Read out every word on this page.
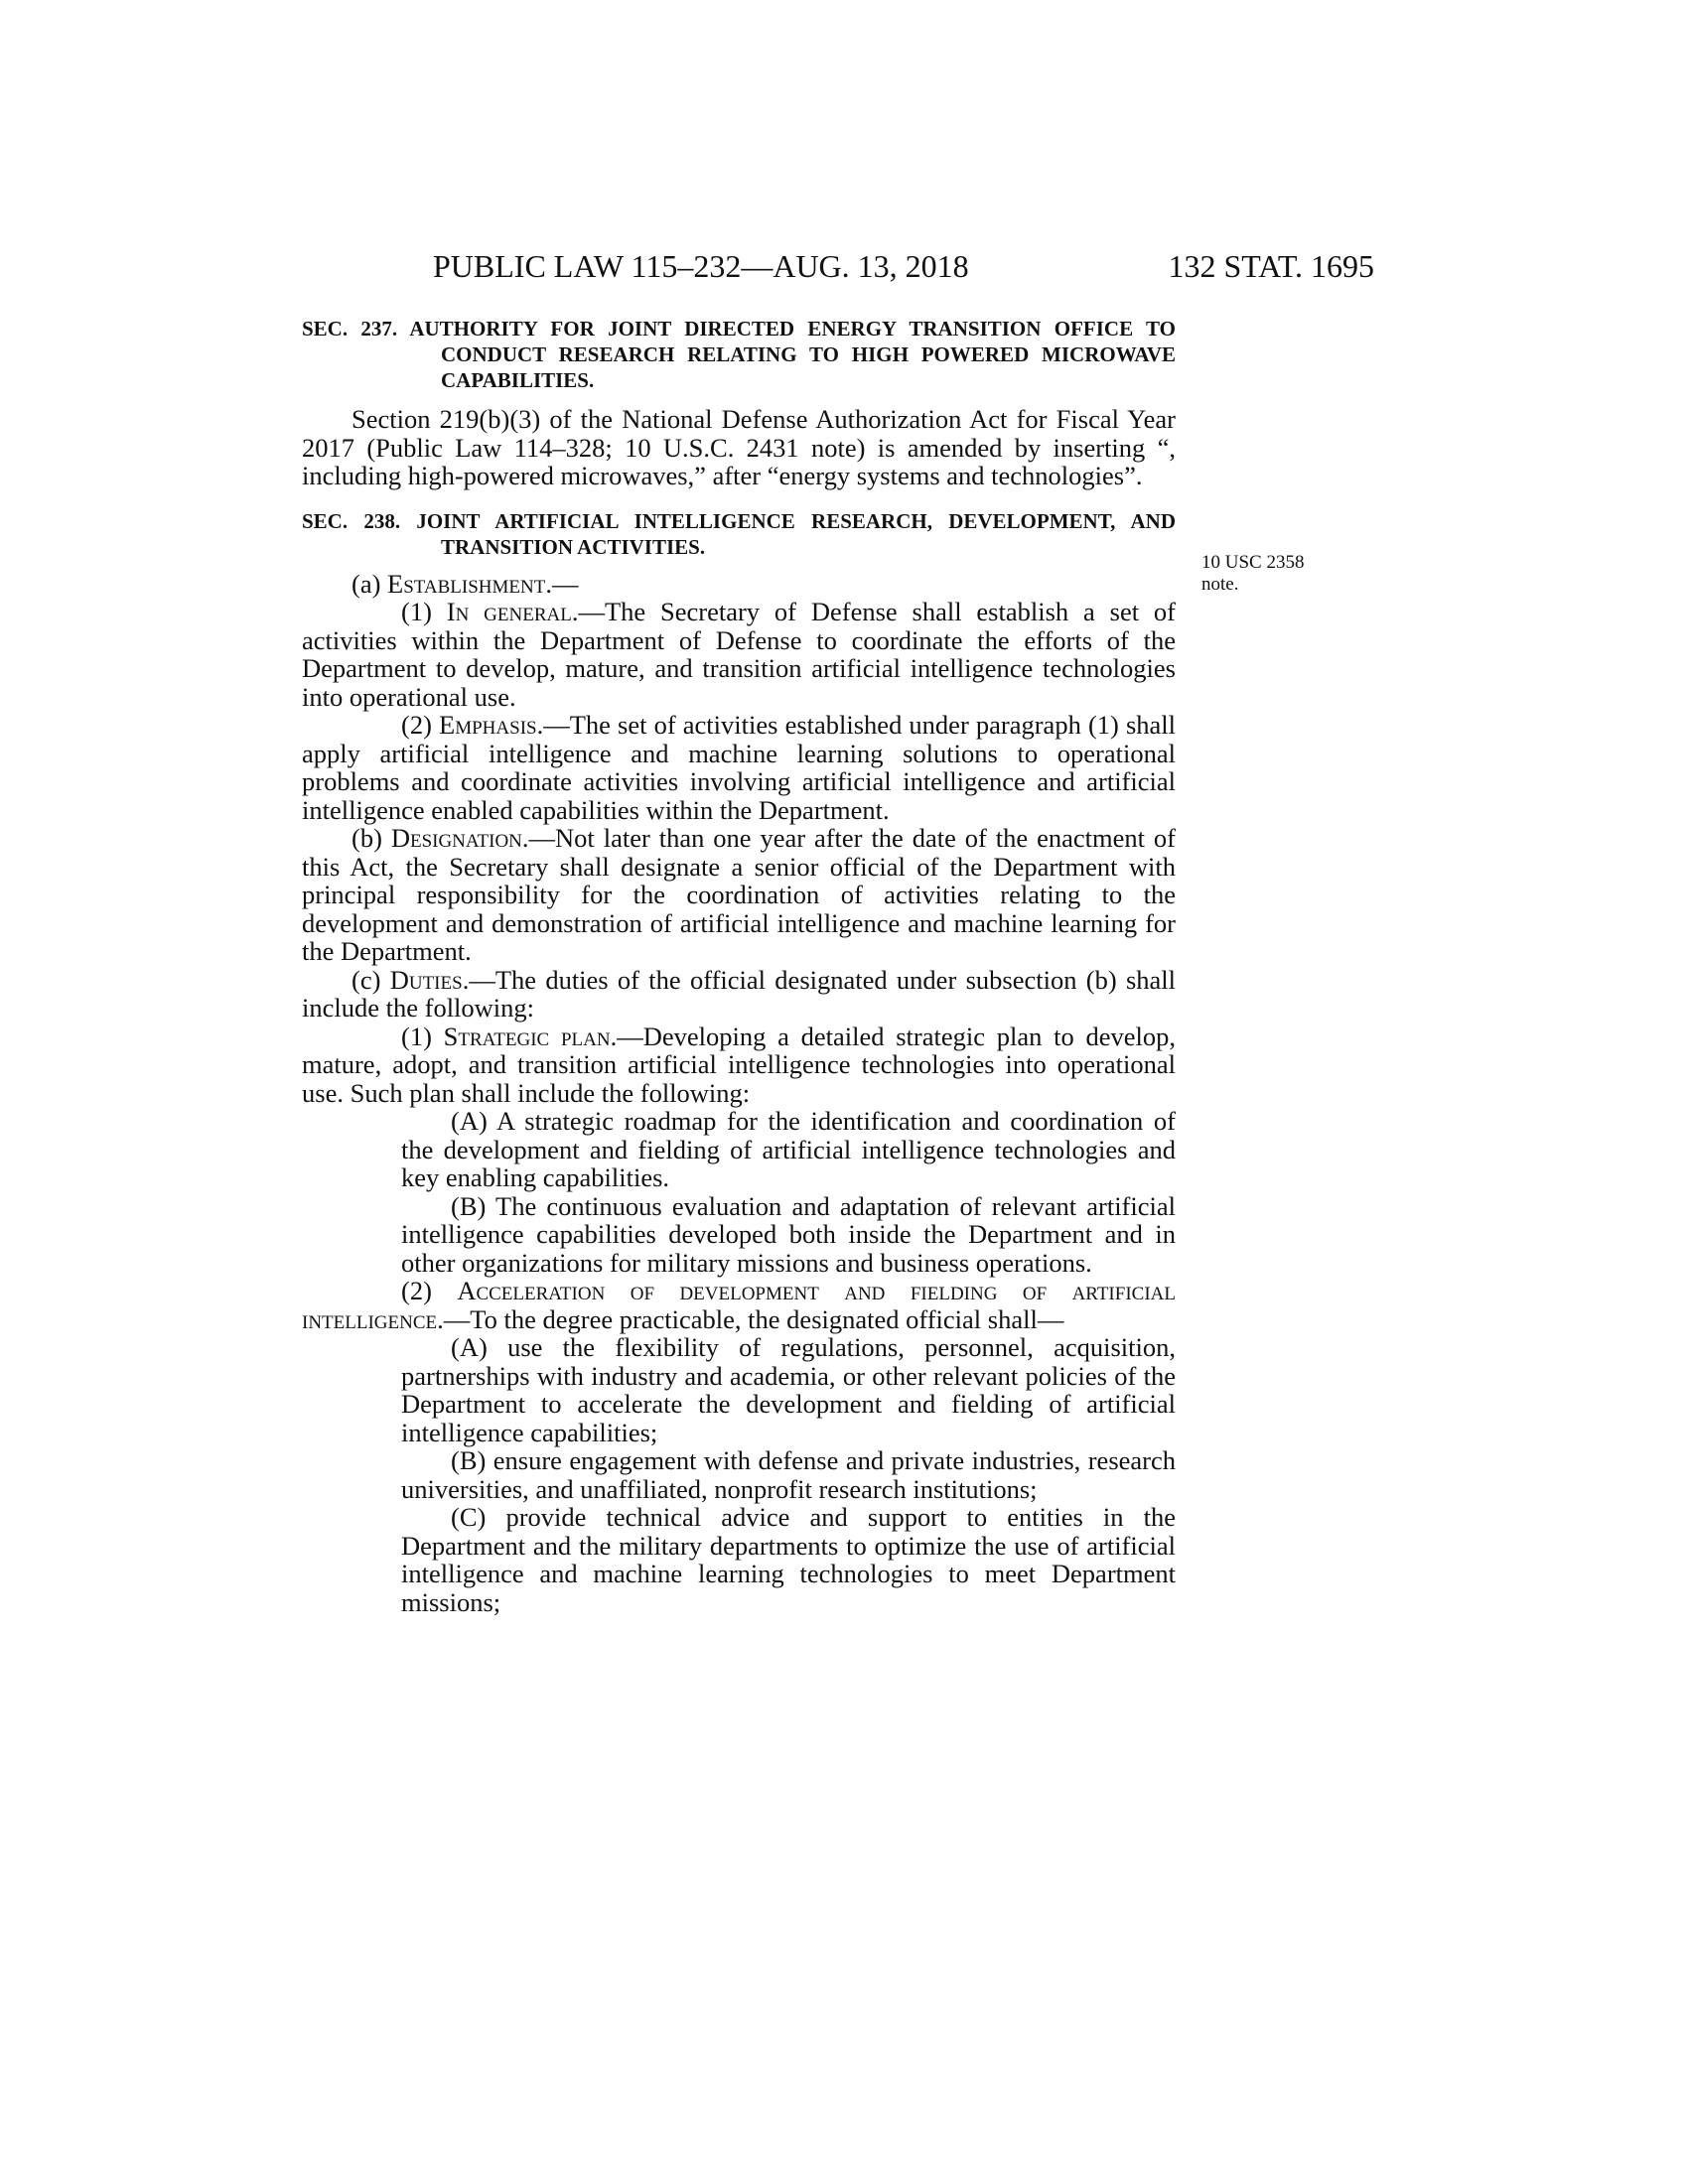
PUBLIC LAW 115–232—AUG. 13, 2018	132 STAT. 1695
10 USC 2358
note.
SEC. 237. AUTHORITY FOR JOINT DIRECTED ENERGY TRANSITION OFFICE TO CONDUCT RESEARCH RELATING TO HIGH POWERED MICROWAVE CAPABILITIES.

Section 219(b)(3) of the National Defense Authorization Act for Fiscal Year 2017 (Public Law 114–328; 10 U.S.C. 2431 note) is amended by inserting “, including high-powered microwaves,” after “energy systems and technologies”.

SEC. 238. JOINT ARTIFICIAL INTELLIGENCE RESEARCH, DEVELOPMENT, AND TRANSITION ACTIVITIES.

(a) Establishment.—

(1) In general.—The Secretary of Defense shall establish a set of activities within the Department of Defense to coordinate the efforts of the Department to develop, mature, and transition artificial intelligence technologies into operational use.

(2) Emphasis.—The set of activities established under paragraph (1) shall apply artificial intelligence and machine learning solutions to operational problems and coordinate activities involving artificial intelligence and artificial intelligence enabled capabilities within the Department.

(b) Designation.—Not later than one year after the date of the enactment of this Act, the Secretary shall designate a senior official of the Department with principal responsibility for the coordination of activities relating to the development and demonstration of artificial intelligence and machine learning for the Department.

(c) Duties.—The duties of the official designated under subsection (b) shall include the following:

(1) Strategic plan.—Developing a detailed strategic plan to develop, mature, adopt, and transition artificial intelligence technologies into operational use. Such plan shall include the following:

(A) A strategic roadmap for the identification and coordination of the development and fielding of artificial intelligence technologies and key enabling capabilities.

(B) The continuous evaluation and adaptation of relevant artificial intelligence capabilities developed both inside the Department and in other organizations for military missions and business operations.

(2) Acceleration of development and fielding of artificial intelligence.—To the degree practicable, the designated official shall—

(A) use the flexibility of regulations, personnel, acquisition, partnerships with industry and academia, or other relevant policies of the Department to accelerate the development and fielding of artificial intelligence capabilities;

(B) ensure engagement with defense and private industries, research universities, and unaffiliated, nonprofit research institutions;

(C) provide technical advice and support to entities in the Department and the military departments to optimize the use of artificial intelligence and machine learning technologies to meet Department missions;
